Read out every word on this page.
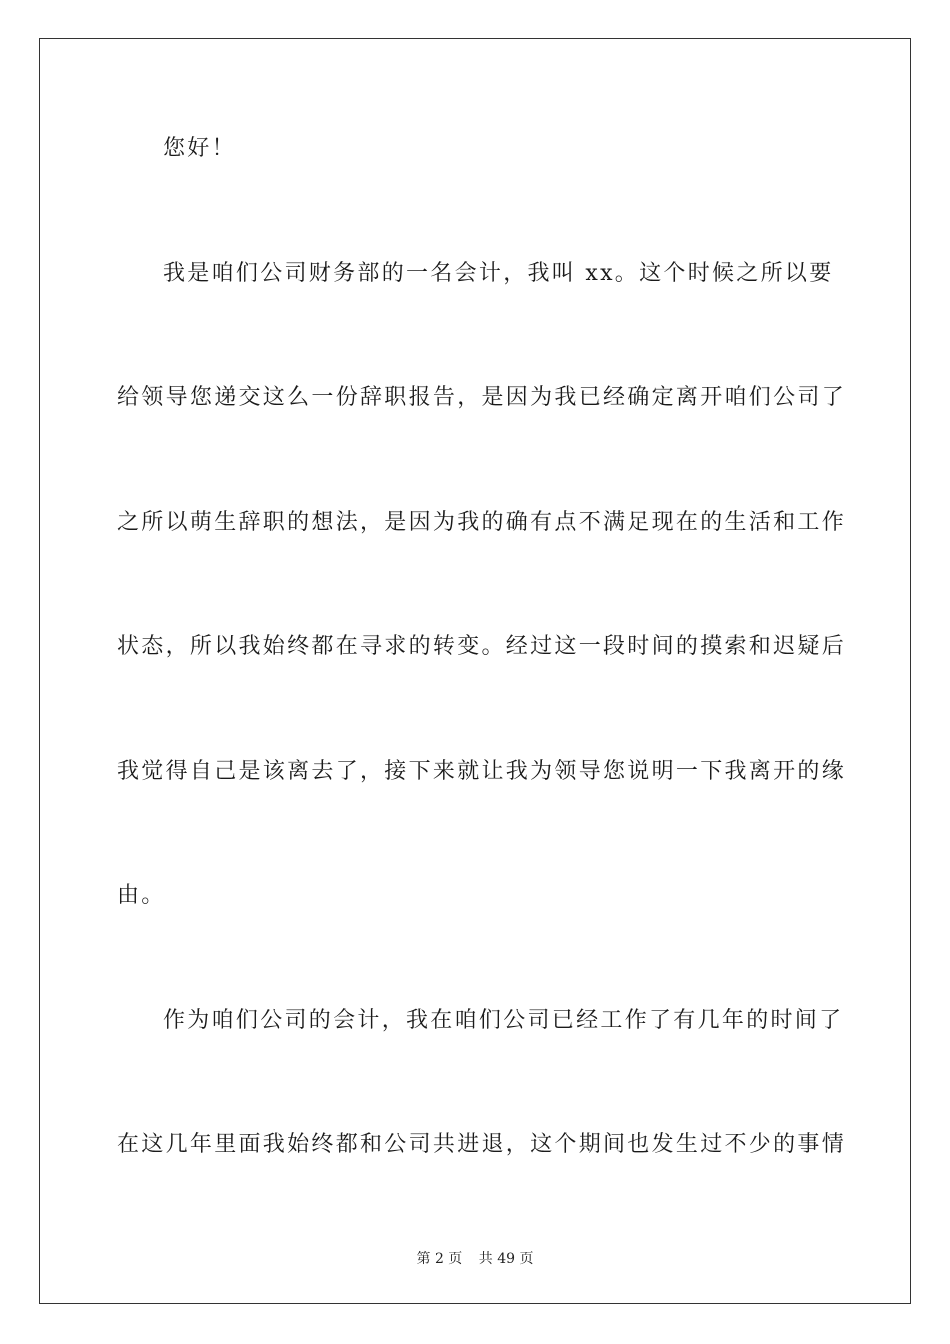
您好！
我是咱们公司财务部的一名会计，我叫 xx。这个时候之所以要
给领导您递交这么一份辞职报告，是因为我已经确定离开咱们公司了
之所以萌生辞职的想法，是因为我的确有点不满足现在的生活和工作
状态，所以我始终都在寻求的转变。经过这一段时间的摸索和迟疑后
我觉得自己是该离去了，接下来就让我为领导您说明一下我离开的缘
由。
作为咱们公司的会计，我在咱们公司已经工作了有几年的时间了
在这几年里面我始终都和公司共进退，这个期间也发生过不少的事情
第 2 页 共 49 页
